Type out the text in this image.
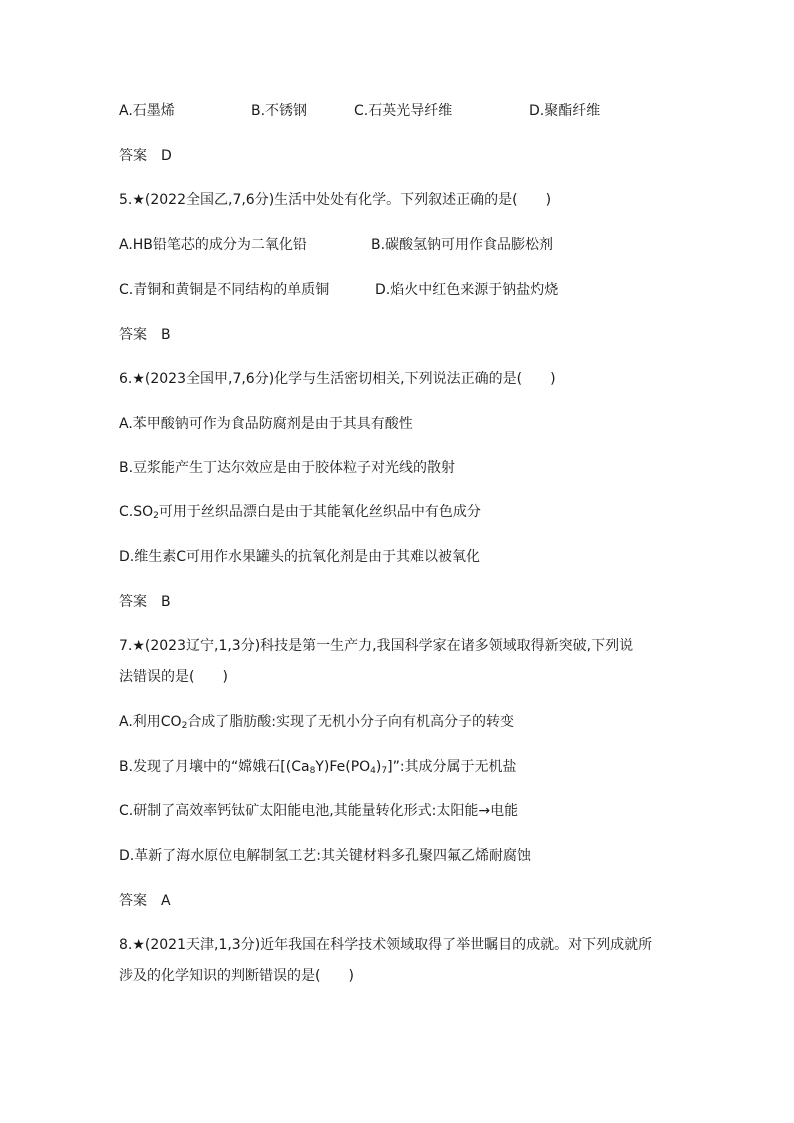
A.石墨烯	B.不锈钢	C.石英光导纤维	D.聚酯纤维
答案 D
5.★(2022全国乙,7,6分)生活中处处有化学。下列叙述正确的是(　　)
A.HB铅笔芯的成分为二氧化铅	B.碳酸氢钠可用作食品膨松剂
C.青铜和黄铜是不同结构的单质铜	D.焰火中红色来源于钠盐灼烧
答案 B
6.★(2023全国甲,7,6分)化学与生活密切相关,下列说法正确的是(　　)
A.苯甲酸钠可作为食品防腐剂是由于其具有酸性
B.豆浆能产生丁达尔效应是由于胶体粒子对光线的散射
$C.SO_2$可用于丝织品漂白是由于其能氧化丝织品中有色成分
D.维生素C可用作水果罐头的抗氧化剂是由于其难以被氧化
答案 B
7.★(2023辽宁,1,3分)科技是第一生产力,我国科学家在诸多领域取得新突破,下列说
法错误的是(　　)
A.利用$CO_2$合成了脂肪酸:实现了无机小分子向有机高分子的转变
B.发现了月壤中的“嫦娥石$[(Ca_8Y)Fe(PO_4)_7]$”:其成分属于无机盐
C.研制了高效率钙钛矿太阳能电池,其能量转化形式:太阳能→电能
D.革新了海水原位电解制氢工艺:其关键材料多孔聚四氟乙烯耐腐蚀
答案 A
8.★(2021天津,1,3分)近年我国在科学技术领域取得了举世瞩目的成就。对下列成就所
涉及的化学知识的判断错误的是(　　)
